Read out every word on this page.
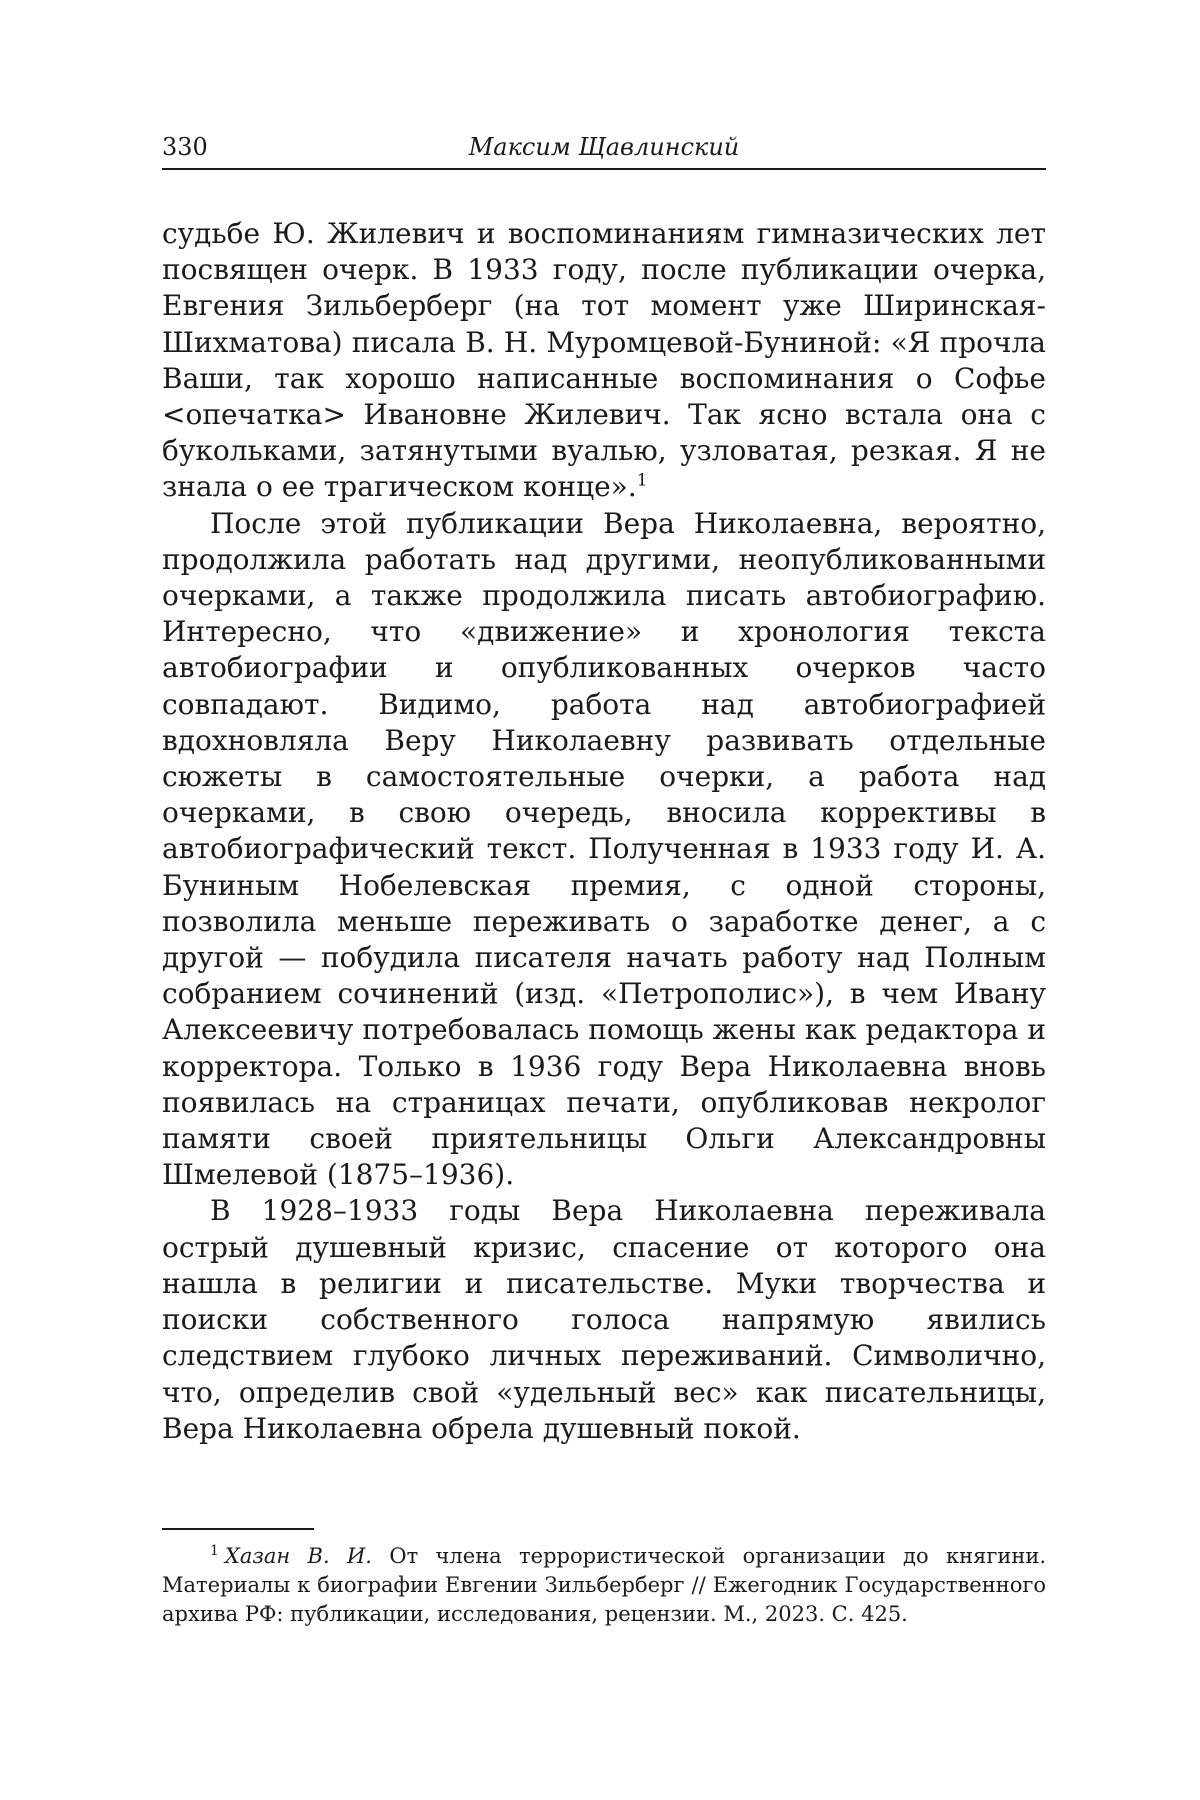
330	Максим Щавлинский

судьбе Ю. Жилевич и воспоминаниям гимназических лет посвящен очерк. В 1933 году, после публикации очерка, Евгения Зильберберг (на тот момент уже Ширинская-Шихматова) писала В. Н. Муромцевой-Буниной: «Я прочла Ваши, так хорошо написанные воспоминания о Софье <опечатка> Ивановне Жилевич. Так ясно встала она с букольками, затянутыми вуалью, узловатая, резкая. Я не знала о ее трагическом конце».$^1$

После этой публикации Вера Николаевна, вероятно, продолжила работать над другими, неопубликованными очерками, а также продолжила писать автобиографию. Интересно, что «движение» и хронология текста автобиографии и опубликованных очерков часто совпадают. Видимо, работа над автобиографией вдохновляла Веру Николаевну развивать отдельные сюжеты в самостоятельные очерки, а работа над очерками, в свою очередь, вносила коррективы в автобиографический текст. Полученная в 1933 году И. А. Буниным Нобелевская премия, с одной стороны, позволила меньше переживать о заработке денег, а с другой — побудила писателя начать работу над Полным собранием сочинений (изд. «Петрополис»), в чем Ивану Алексеевичу потребовалась помощь жены как редактора и корректора. Только в 1936 году Вера Николаевна вновь появилась на страницах печати, опубликовав некролог памяти своей приятельницы Ольги Александровны Шмелевой (1875–1936).

В 1928–1933 годы Вера Николаевна переживала острый душевный кризис, спасение от которого она нашла в религии и писательстве. Муки творчества и поиски собственного голоса напрямую явились следствием глубоко личных переживаний. Символично, что, определив свой «удельный вес» как писательницы, Вера Николаевна обрела душевный покой.

$^1$ Хазан В. И. От члена террористической организации до княгини. Материалы к биографии Евгении Зильберберг // Ежегодник Государственного архива РФ: публикации, исследования, рецензии. М., 2023. С. 425.
